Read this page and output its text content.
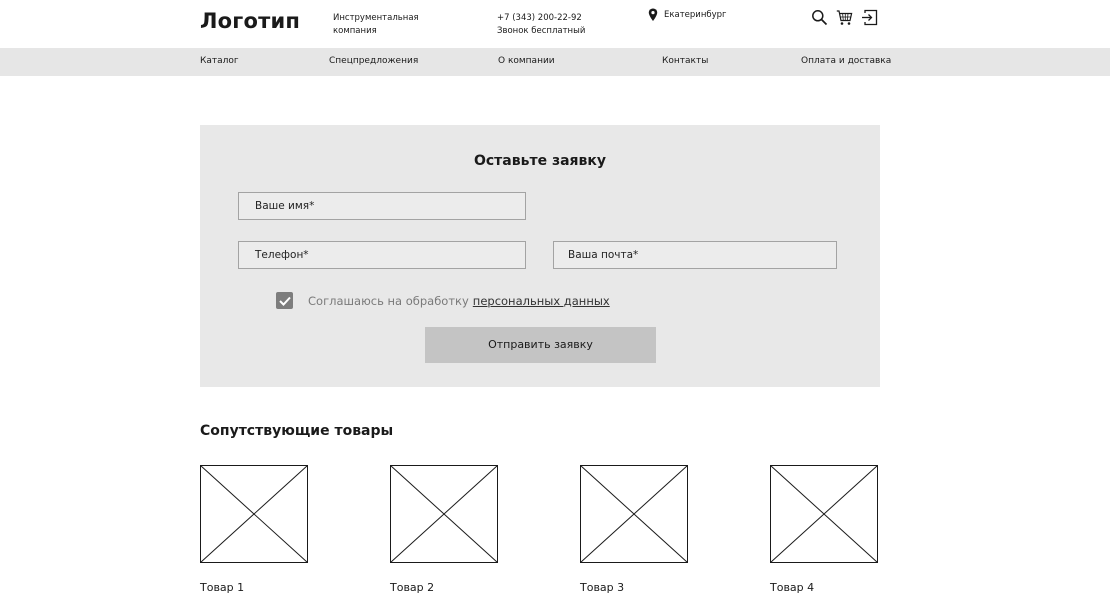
Логотип	Инструментальная
компания
+7 (343) 200-22-92
Звонок бесплатный
Екатеринбург
Каталог	Спецпредложения	О компании	Контакты	Оплата и доставка
Оставьте заявку
Ваше имя*
Телефон*	Ваша почта*
Соглашаюсь на обработку персональных данных
Отправить заявку
Сопутствующие товары
Товар 1	Товар 2	Товар 3	Товар 4
